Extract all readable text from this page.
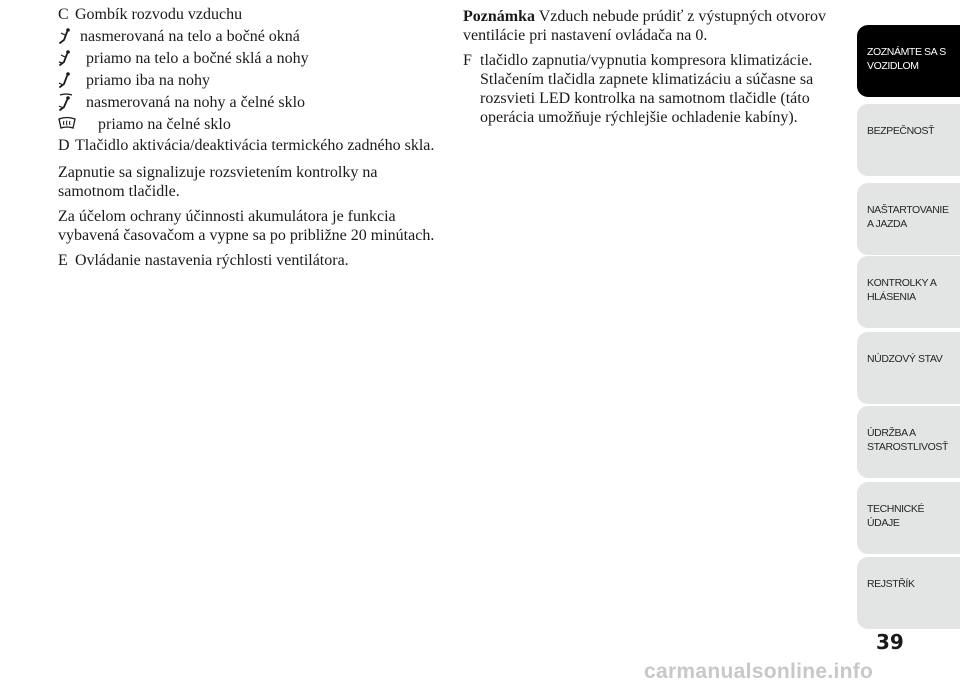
C Gombík rozvodu vzduchu
nasmerovaná na telo a bočné okná
priamo na telo a bočné sklá a nohy
priamo iba na nohy
nasmerovaná na nohy a čelné sklo
priamo na čelné sklo
D Tlačidlo aktivácia/deaktivácia termického zadného skla.
Zapnutie sa signalizuje rozsvietením kontrolky na samotnom tlačidle.
Za účelom ochrany účinnosti akumulátora je funkcia vybavená časovačom a vypne sa po približne 20 minútach.
E Ovládanie nastavenia rýchlosti ventilátora.
Poznámka Vzduch nebude prúdiť z výstupných otvorov ventilácie pri nastavení ovládača na 0.
F tlačidlo zapnutia/vypnutia kompresora klimatizácie. Stlačením tlačidla zapnete klimatizáciu a súčasne sa rozsvieti LED kontrolka na samotnom tlačidle (táto operácia umožňuje rýchlejšie ochladenie kabíny).
ZOZNÁMTE SA S
VOZIDLOM
BEZPEČNOSŤ
NAŠTARTOVANIE
A JAZDA
KONTROLKY A
HLÁSENIA
NÚDZOVÝ STAV
ÚDRŽBA A
STAROSTLIVOSŤ
TECHNICKÉ
ÚDAJE
REJSTŘÍK
39
carmanualsonline.info
